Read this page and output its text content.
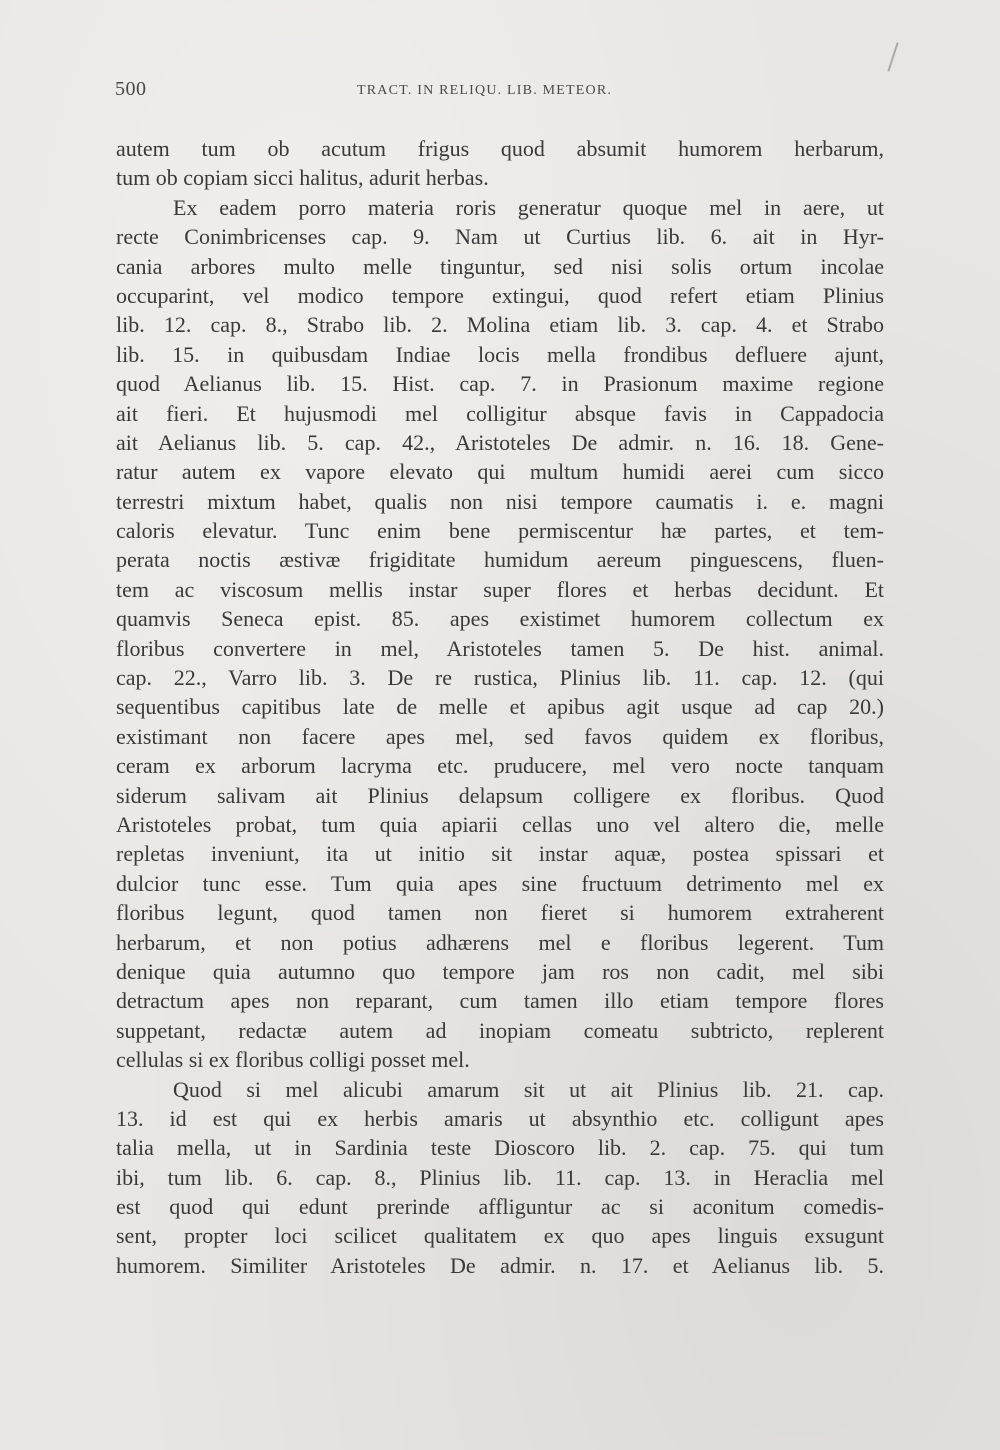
500	TRACT. IN RELIQU. LIB. METEOR.
autem tum ob acutum frigus quod absumit humorem herbarum,
tum ob copiam sicci halitus, adurit herbas.
Ex eadem porro materia roris generatur quoque mel in aere, ut
recte Conimbricenses cap. 9. Nam ut Curtius lib. 6. ait in Hyr-
cania arbores multo melle tinguntur, sed nisi solis ortum incolae
occuparint, vel modico tempore extingui, quod refert etiam Plinius
lib. 12. cap. 8., Strabo lib. 2. Molina etiam lib. 3. cap. 4. et Strabo
lib. 15. in quibusdam Indiae locis mella frondibus defluere ajunt,
quod Aelianus lib. 15. Hist. cap. 7. in Prasionum maxime regione
ait fieri. Et hujusmodi mel colligitur absque favis in Cappadocia
ait Aelianus lib. 5. cap. 42., Aristoteles De admir. n. 16. 18. Gene-
ratur autem ex vapore elevato qui multum humidi aerei cum sicco
terrestri mixtum habet, qualis non nisi tempore caumatis i. e. magni
caloris elevatur. Tunc enim bene permiscentur hæ partes, et tem-
perata noctis æstivæ frigiditate humidum aereum pinguescens, fluen-
tem ac viscosum mellis instar super flores et herbas decidunt. Et
quamvis Seneca epist. 85. apes existimet humorem collectum ex
floribus convertere in mel, Aristoteles tamen 5. De hist. animal.
cap. 22., Varro lib. 3. De re rustica, Plinius lib. 11. cap. 12. (qui
sequentibus capitibus late de melle et apibus agit usque ad cap 20.)
existimant non facere apes mel, sed favos quidem ex floribus,
ceram ex arborum lacryma etc. pruducere, mel vero nocte tanquam
siderum salivam ait Plinius delapsum colligere ex floribus. Quod
Aristoteles probat, tum quia apiarii cellas uno vel altero die, melle
repletas inveniunt, ita ut initio sit instar aquæ, postea spissari et
dulcior tunc esse. Tum quia apes sine fructuum detrimento mel ex
floribus legunt, quod tamen non fieret si humorem extraherent
herbarum, et non potius adhærens mel e floribus legerent. Tum
denique quia autumno quo tempore jam ros non cadit, mel sibi
detractum apes non reparant, cum tamen illo etiam tempore flores
suppetant, redactæ autem ad inopiam comeatu subtricto, replerent
cellulas si ex floribus colligi posset mel.
Quod si mel alicubi amarum sit ut ait Plinius lib. 21. cap.
13. id est qui ex herbis amaris ut absynthio etc. colligunt apes
talia mella, ut in Sardinia teste Dioscoro lib. 2. cap. 75. qui tum
ibi, tum lib. 6. cap. 8., Plinius lib. 11. cap. 13. in Heraclia mel
est quod qui edunt prerinde affliguntur ac si aconitum comedis-
sent, propter loci scilicet qualitatem ex quo apes linguis exsugunt
humorem. Similiter Aristoteles De admir. n. 17. et Aelianus lib. 5.
